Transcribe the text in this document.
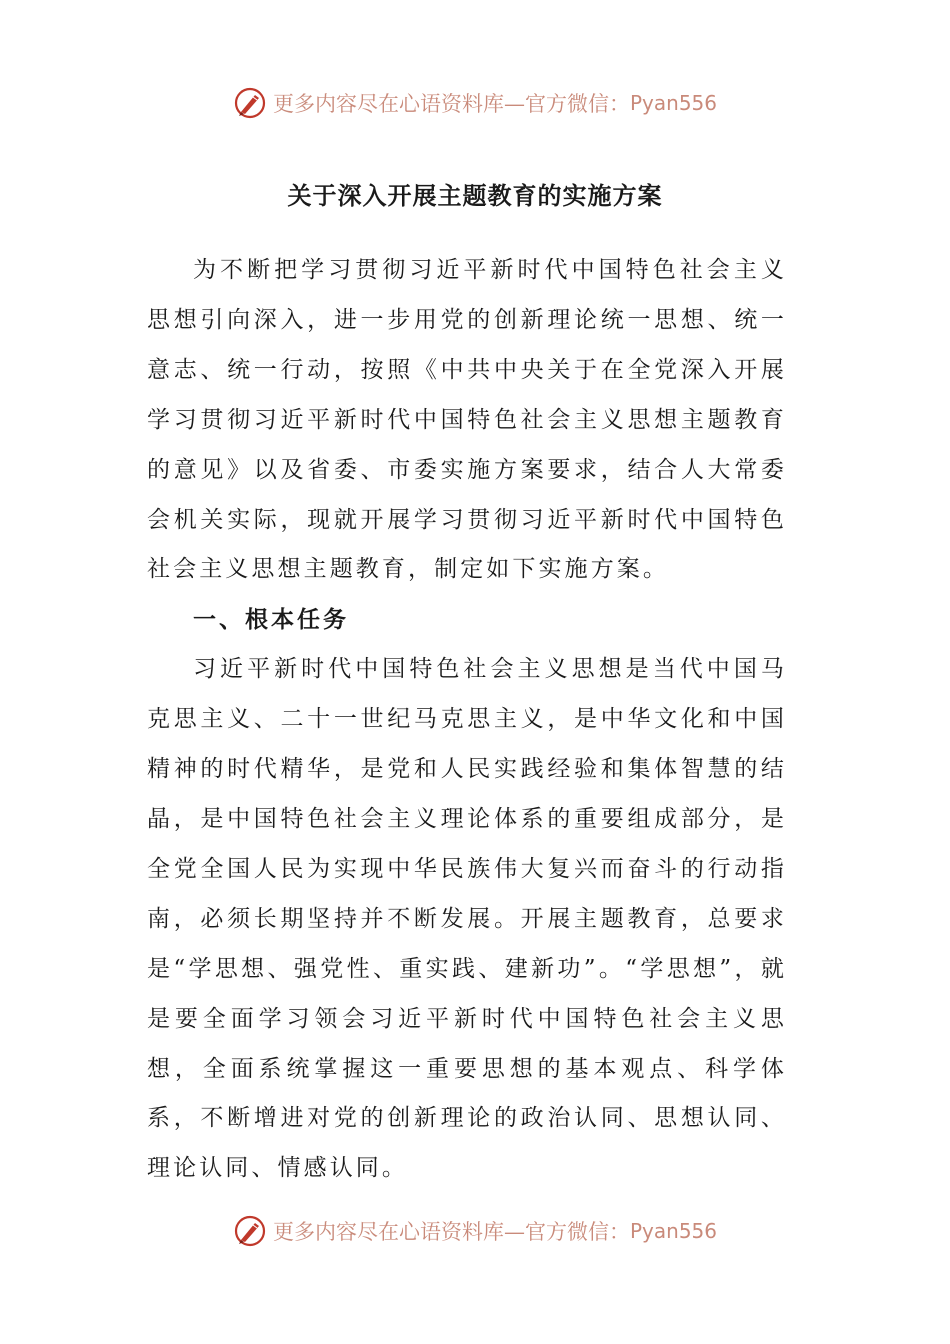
更多内容尽在心语资料库—官方微信： Pyan556
关于深入开展主题教育的实施方案

为不断把学习贯彻习近平新时代中国特色社会主义思想引向深入，进一步用党的创新理论统一思想、统一意志、统一行动，按照《中共中央关于在全党深入开展学习贯彻习近平新时代中国特色社会主义思想主题教育的意见》以及省委、市委实施方案要求，结合人大常委会机关实际，现就开展学习贯彻习近平新时代中国特色社会主义思想主题教育，制定如下实施方案。

一、根本任务

习近平新时代中国特色社会主义思想是当代中国马克思主义、二十一世纪马克思主义，是中华文化和中国精神的时代精华，是党和人民实践经验和集体智慧的结晶，是中国特色社会主义理论体系的重要组成部分，是全党全国人民为实现中华民族伟大复兴而奋斗的行动指南，必须长期坚持并不断发展。开展主题教育，总要求是“学思想、强党性、重实践、建新功”。“学思想”，就是要全面学习领会习近平新时代中国特色社会主义思想，全面系统掌握这一重要思想的基本观点、科学体系，不断增进对党的创新理论的政治认同、思想认同、理论认同、情感认同。

更多内容尽在心语资料库—官方微信： Pyan556
